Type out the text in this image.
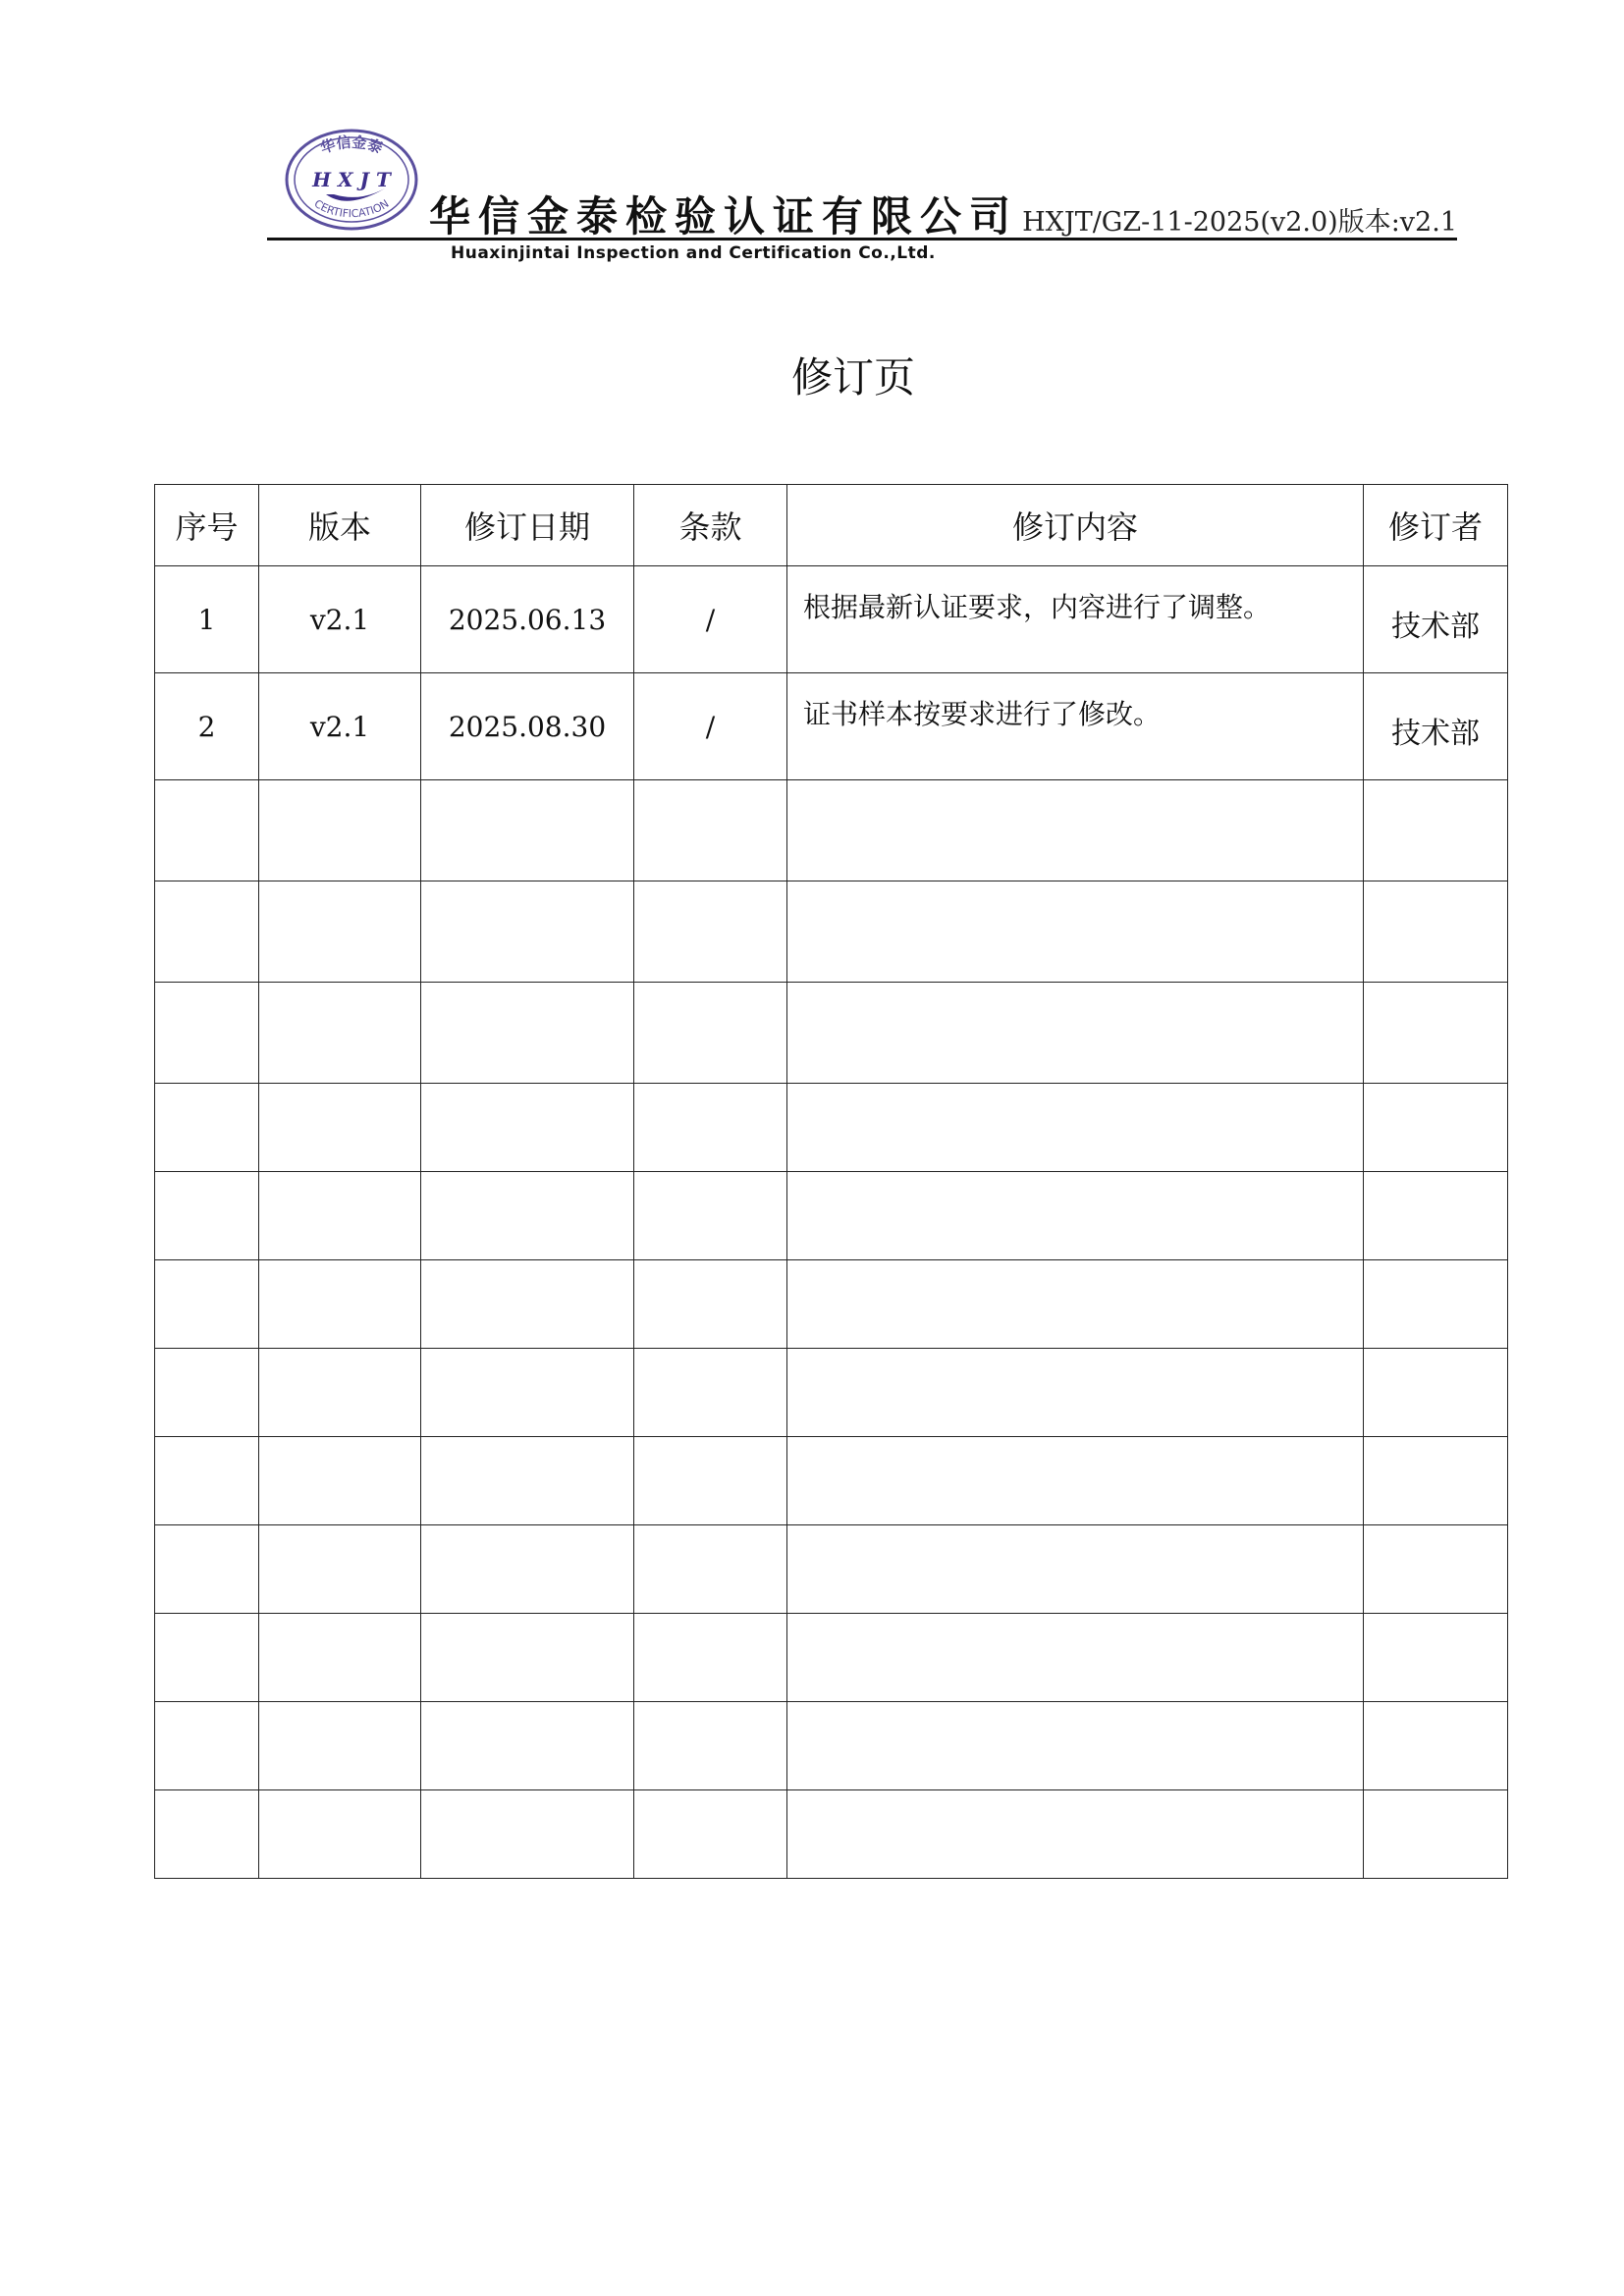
华信金泰
H X J T
CERTIFICATION 华信金泰检验认证有限公司 HXJT/GZ-11-2025(v2.0)版本:v2.1
Huaxinjintai Inspection and Certification Co.,Ltd.
修订页
序号	版本	修订日期	条款	修订内容	修订者
1	v2.1	2025.06.13	/	根据最新认证要求，内容进行了调整。	技术部
2	v2.1	2025.08.30	/	证书样本按要求进行了修改。	技术部
